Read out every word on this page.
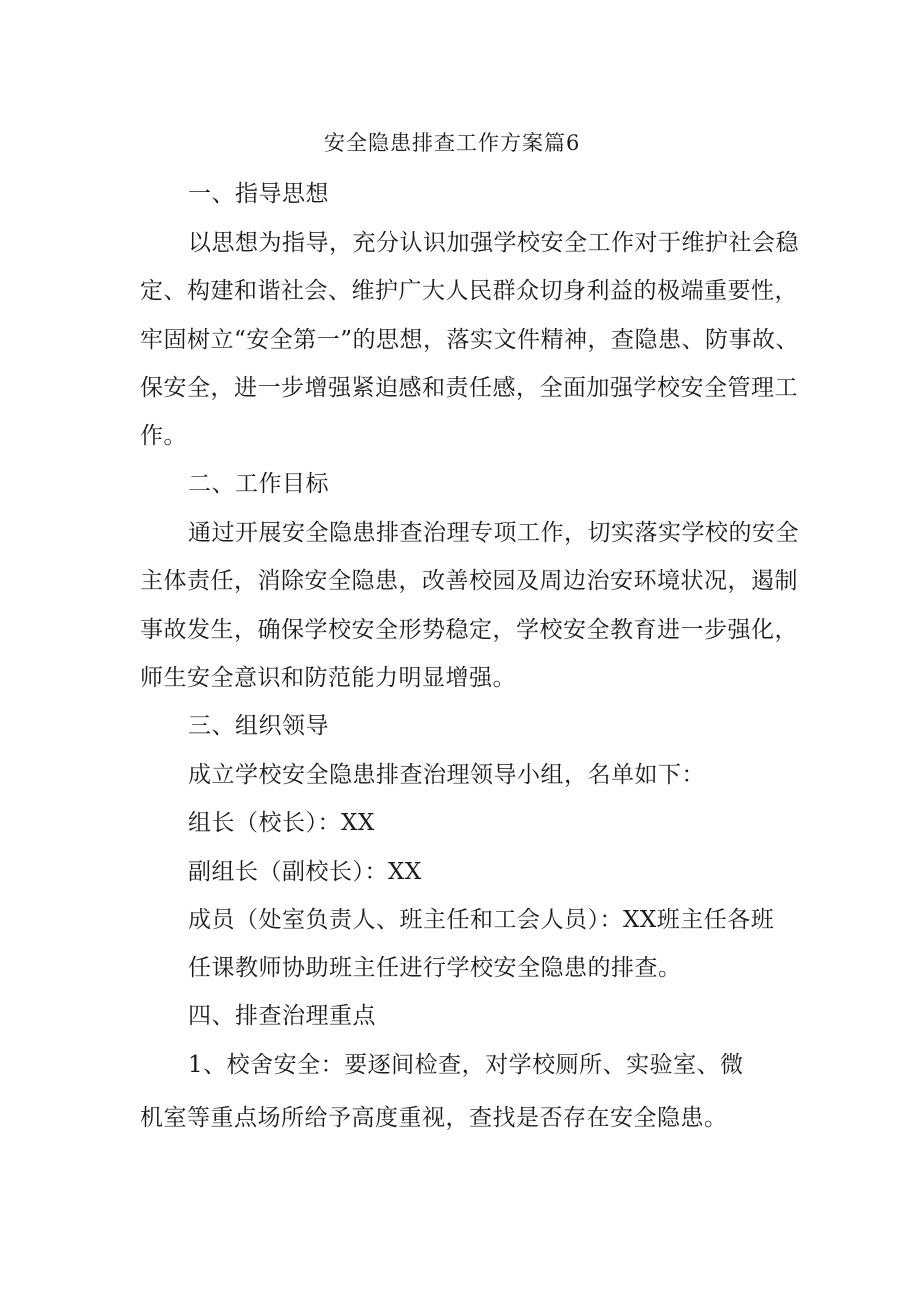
安全隐患排查工作方案篇6
一、指导思想
以思想为指导，充分认识加强学校安全工作对于维护社会稳
定、构建和谐社会、维护广大人民群众切身利益的极端重要性，
牢固树立“安全第一”的思想，落实文件精神，查隐患、防事故、
保安全，进一步增强紧迫感和责任感，全面加强学校安全管理工
作。
二、工作目标
通过开展安全隐患排查治理专项工作，切实落实学校的安全
主体责任，消除安全隐患，改善校园及周边治安环境状况，遏制
事故发生，确保学校安全形势稳定，学校安全教育进一步强化，
师生安全意识和防范能力明显增强。
三、组织领导
成立学校安全隐患排查治理领导小组，名单如下：
组长（校长）：XX
副组长（副校长）：XX
成员（处室负责人、班主任和工会人员）：XX班主任各班
任课教师协助班主任进行学校安全隐患的排查。
四、排查治理重点
1、校舍安全：要逐间检查，对学校厕所、实验室、微
机室等重点场所给予高度重视，查找是否存在安全隐患。
